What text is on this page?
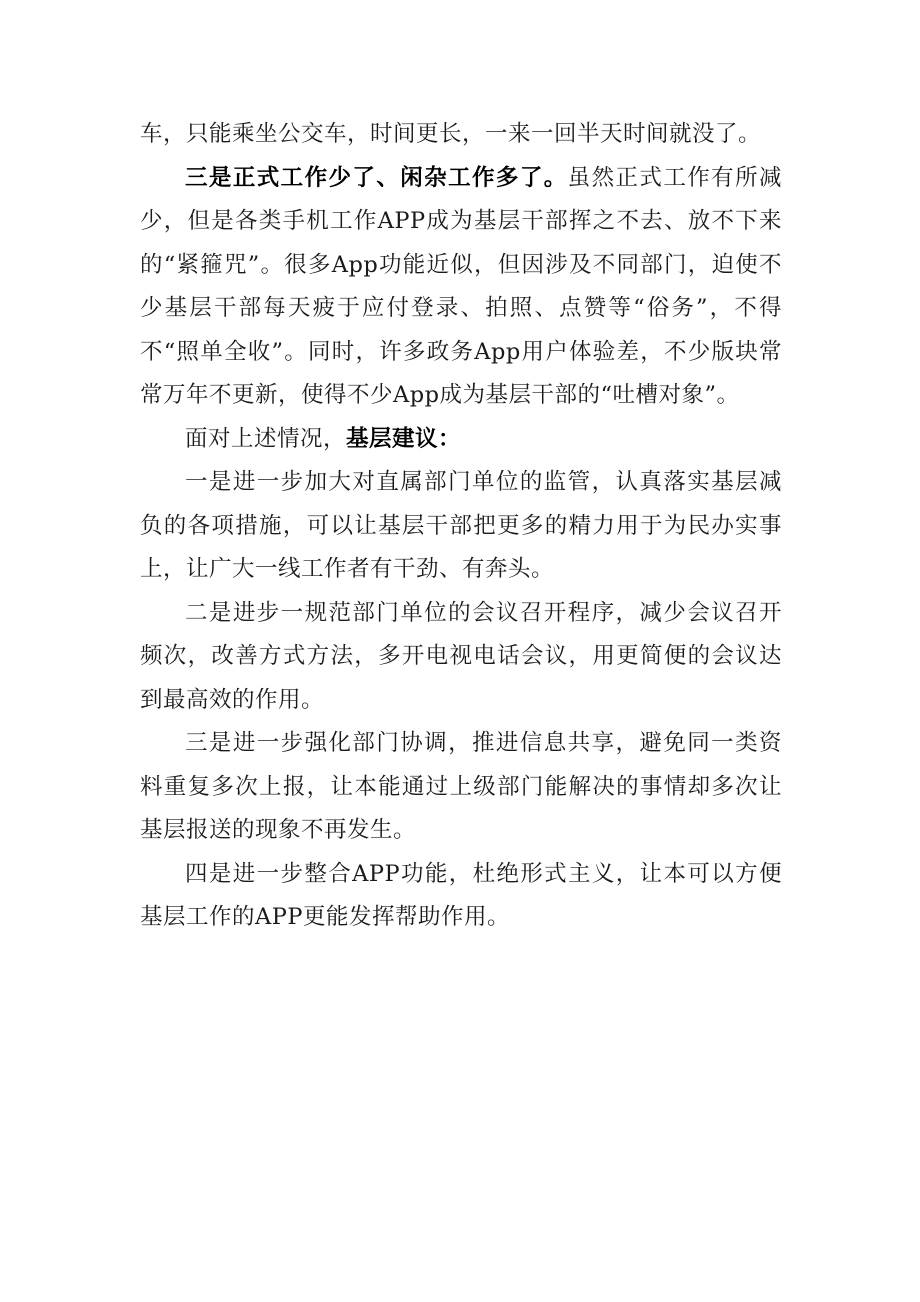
车，只能乘坐公交车，时间更长，一来一回半天时间就没了。

三是正式工作少了、闲杂工作多了。虽然正式工作有所减少，但是各类手机工作APP成为基层干部挥之不去、放不下来的“紧箍咒”。很多App功能近似，但因涉及不同部门，迫使不少基层干部每天疲于应付登录、拍照、点赞等“俗务”，不得不“照单全收”。同时，许多政务App用户体验差，不少版块常常万年不更新，使得不少App成为基层干部的“吐槽对象”。

面对上述情况，基层建议：

一是进一步加大对直属部门单位的监管，认真落实基层减负的各项措施，可以让基层干部把更多的精力用于为民办实事上，让广大一线工作者有干劲、有奔头。

二是进步一规范部门单位的会议召开程序，减少会议召开频次，改善方式方法，多开电视电话会议，用更简便的会议达到最高效的作用。

三是进一步强化部门协调，推进信息共享，避免同一类资料重复多次上报，让本能通过上级部门能解决的事情却多次让基层报送的现象不再发生。

四是进一步整合APP功能，杜绝形式主义，让本可以方便基层工作的APP更能发挥帮助作用。
